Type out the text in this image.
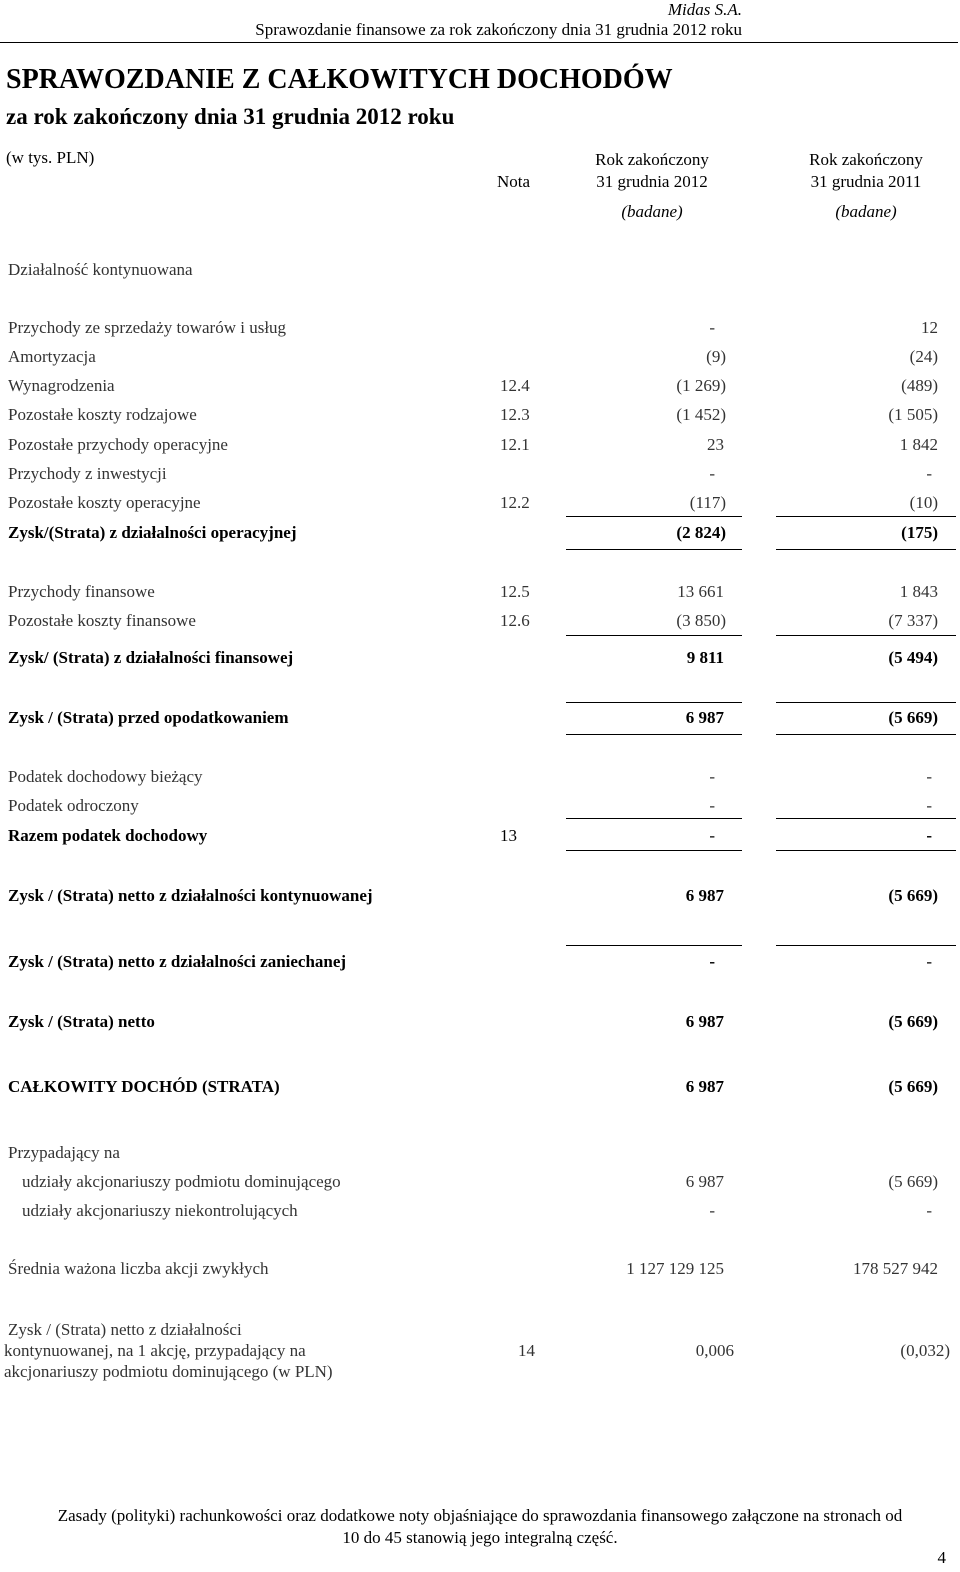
Midas S.A.
Sprawozdanie finansowe za rok zakończony dnia 31 grudnia 2012 roku
SPRAWOZDANIE Z CAŁKOWITYCH DOCHODÓW
za rok zakończony dnia 31 grudnia 2012 roku
(w tys. PLN)
Nota
Rok zakończony
31 grudnia 2012
(badane)
Rok zakończony
31 grudnia 2011
(badane)
Działalność kontynuowana
Przychody ze sprzedaży towarów i usług	-	12
Amortyzacja	(9)	(24)
Wynagrodzenia	12.4	(1 269)	(489)
Pozostałe koszty rodzajowe	12.3	(1 452)	(1 505)
Pozostałe przychody operacyjne	12.1	23	1 842
Przychody z inwestycji	-	-
Pozostałe koszty operacyjne	12.2	(117)	(10)
Zysk/(Strata) z działalności operacyjnej	(2 824)	(175)
Przychody finansowe	12.5	13 661	1 843
Pozostałe koszty finansowe	12.6	(3 850)	(7 337)
Zysk/ (Strata) z działalności finansowej	9 811	(5 494)
Zysk / (Strata) przed opodatkowaniem	6 987	(5 669)
Podatek dochodowy bieżący	-	-
Podatek odroczony	-	-
Razem podatek dochodowy	13	-	-
Zysk / (Strata) netto z działalności kontynuowanej	6 987	(5 669)
Zysk / (Strata) netto z działalności zaniechanej	-	-
Zysk / (Strata) netto	6 987	(5 669)
CAŁKOWITY DOCHÓD (STRATA)	6 987	(5 669)
Przypadający na
udziały akcjonariuszy podmiotu dominującego	6 987	(5 669)
udziały akcjonariuszy niekontrolujących	-	-
Średnia ważona liczba akcji zwykłych	1 127 129 125	178 527 942
Zysk / (Strata) netto z działalności
kontynuowanej, na 1 akcję, przypadający na
akcjonariuszy podmiotu dominującego (w PLN)
14	0,006	(0,032)
Zasady (polityki) rachunkowości oraz dodatkowe noty objaśniające do sprawozdania finansowego załączone na stronach od
10 do 45 stanowią jego integralną część.
4
